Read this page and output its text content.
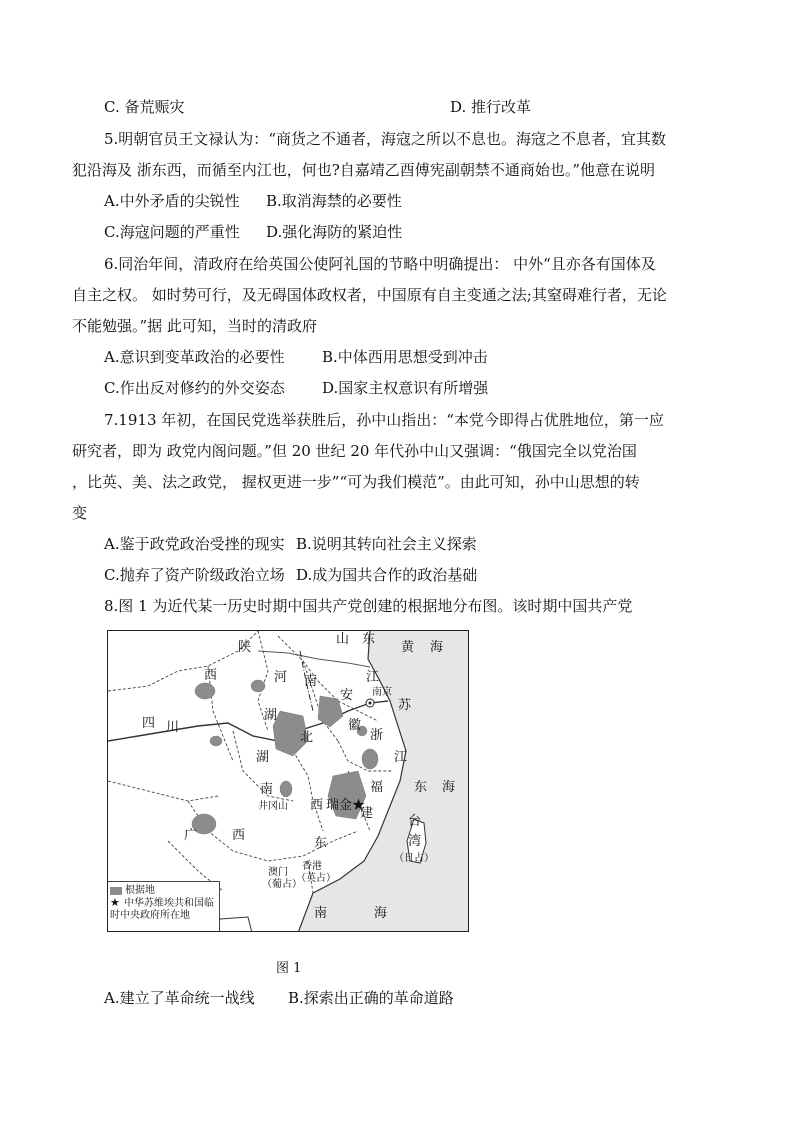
C. 备荒赈灾	D. 推行改革
5.明朝官员王文禄认为：“商货之不通者，海寇之所以不息也。海寇之不息者，宜其数
犯沿海及 浙东西，而循至内江也，何也?自嘉靖乙酉傅宪副朝禁不通商始也。”他意在说明
A.中外矛盾的尖锐性 B.取消海禁的必要性
C.海寇问题的严重性 D.强化海防的紧迫性
6.同治年间，清政府在给英国公使阿礼国的节略中明确提出： 中外“且亦各有国体及
自主之权。 如时势可行，及无碍国体政权者，中国原有自主变通之法;其窒碍难行者，无论
不能勉强。”据 此可知，当时的清政府
A.意识到变革政治的必要性 B.中体西用思想受到冲击
C.作出反对修约的外交姿态 D.国家主权意识有所增强
7.1913 年初，在国民党选举获胜后，孙中山指出：“本党今即得占优胜地位，第一应
研究者，即为 政党内阁问题。”但 20 世纪 20 年代孙中山又强调：“俄国完全以党治国
，比英、美、法之政党， 握权更进一步”“可为我们模范”。由此可知，孙中山思想的转
变
A.鉴于政党政治受挫的现实 B.说明其转向社会主义探索
C.抛弃了资产阶级政治立场 D.成为国共合作的政治基础
8.图 1 为近代某一历史时期中国共产党创建的根据地分布图。该时期中国共产党
山 东
陕	黄 海
西	河 南
安
江
南京
苏
湖
徽
四 川
北	浙
湖	江
南
西
井冈山	瑞金★
福 东 海
广	西
建
台
湾
（日占）
东
香港
（英占）
澳门
（葡占）
南	海
根据地
★ 中华苏维埃共和国临时中央政府所在地
图 1
A.建立了革命统一战线 B.探索出正确的革命道路
